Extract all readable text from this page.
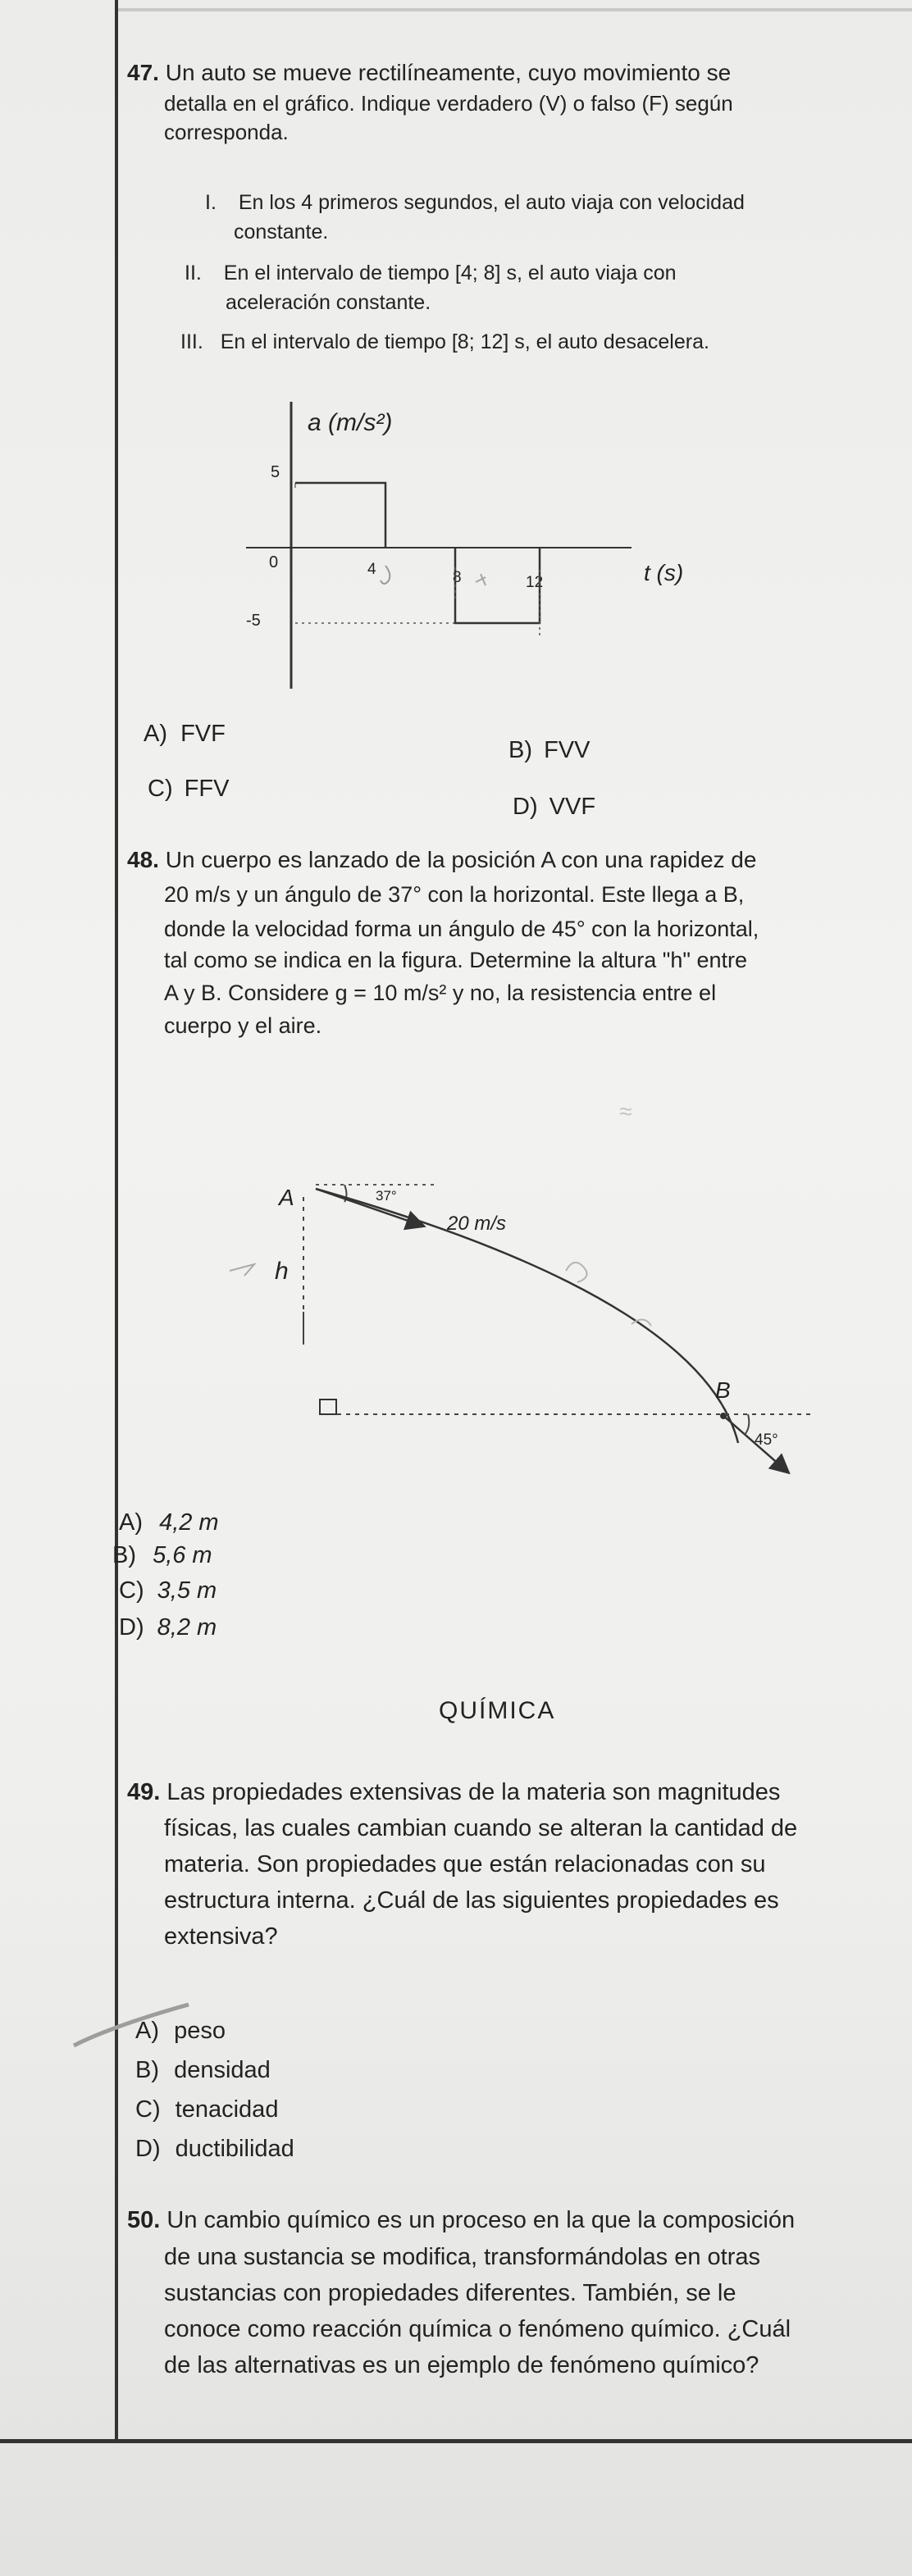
47. Un auto se mueve rectilíneamente, cuyo movimiento se
detalla en el gráfico. Indique verdadero (V) o falso (F) según
corresponda.
I. En los 4 primeros segundos, el auto viaja con velocidad
constante.
II. En el intervalo de tiempo [4; 8] s, el auto viaja con
aceleración constante.
III. En el intervalo de tiempo [8; 12] s, el auto desacelera.
a (m/s²)
t (s)
5
0
-5
4	8	12
A) FVF
B) FVV
C) FFV
D) VVF
48. Un cuerpo es lanzado de la posición A con una rapidez de
20 m/s y un ángulo de 37° con la horizontal. Este llega a B,
donde la velocidad forma un ángulo de 45° con la horizontal,
tal como se indica en la figura. Determine la altura "h" entre
A y B. Considere g = 10 m/s² y no, la resistencia entre el
cuerpo y el aire.
A
B
37°
20 m/s
h
45°
≈
A) 4,2 m
B) 5,6 m
C) 3,5 m
D) 8,2 m
QUÍMICA
49. Las propiedades extensivas de la materia son magnitudes
físicas, las cuales cambian cuando se alteran la cantidad de
materia. Son propiedades que están relacionadas con su
estructura interna. ¿Cuál de las siguientes propiedades es
extensiva?
A) peso
B) densidad
C) tenacidad
D) ductibilidad
50. Un cambio químico es un proceso en la que la composición
de una sustancia se modifica, transformándolas en otras
sustancias con propiedades diferentes. También, se le
conoce como reacción química o fenómeno químico. ¿Cuál
de las alternativas es un ejemplo de fenómeno químico?
